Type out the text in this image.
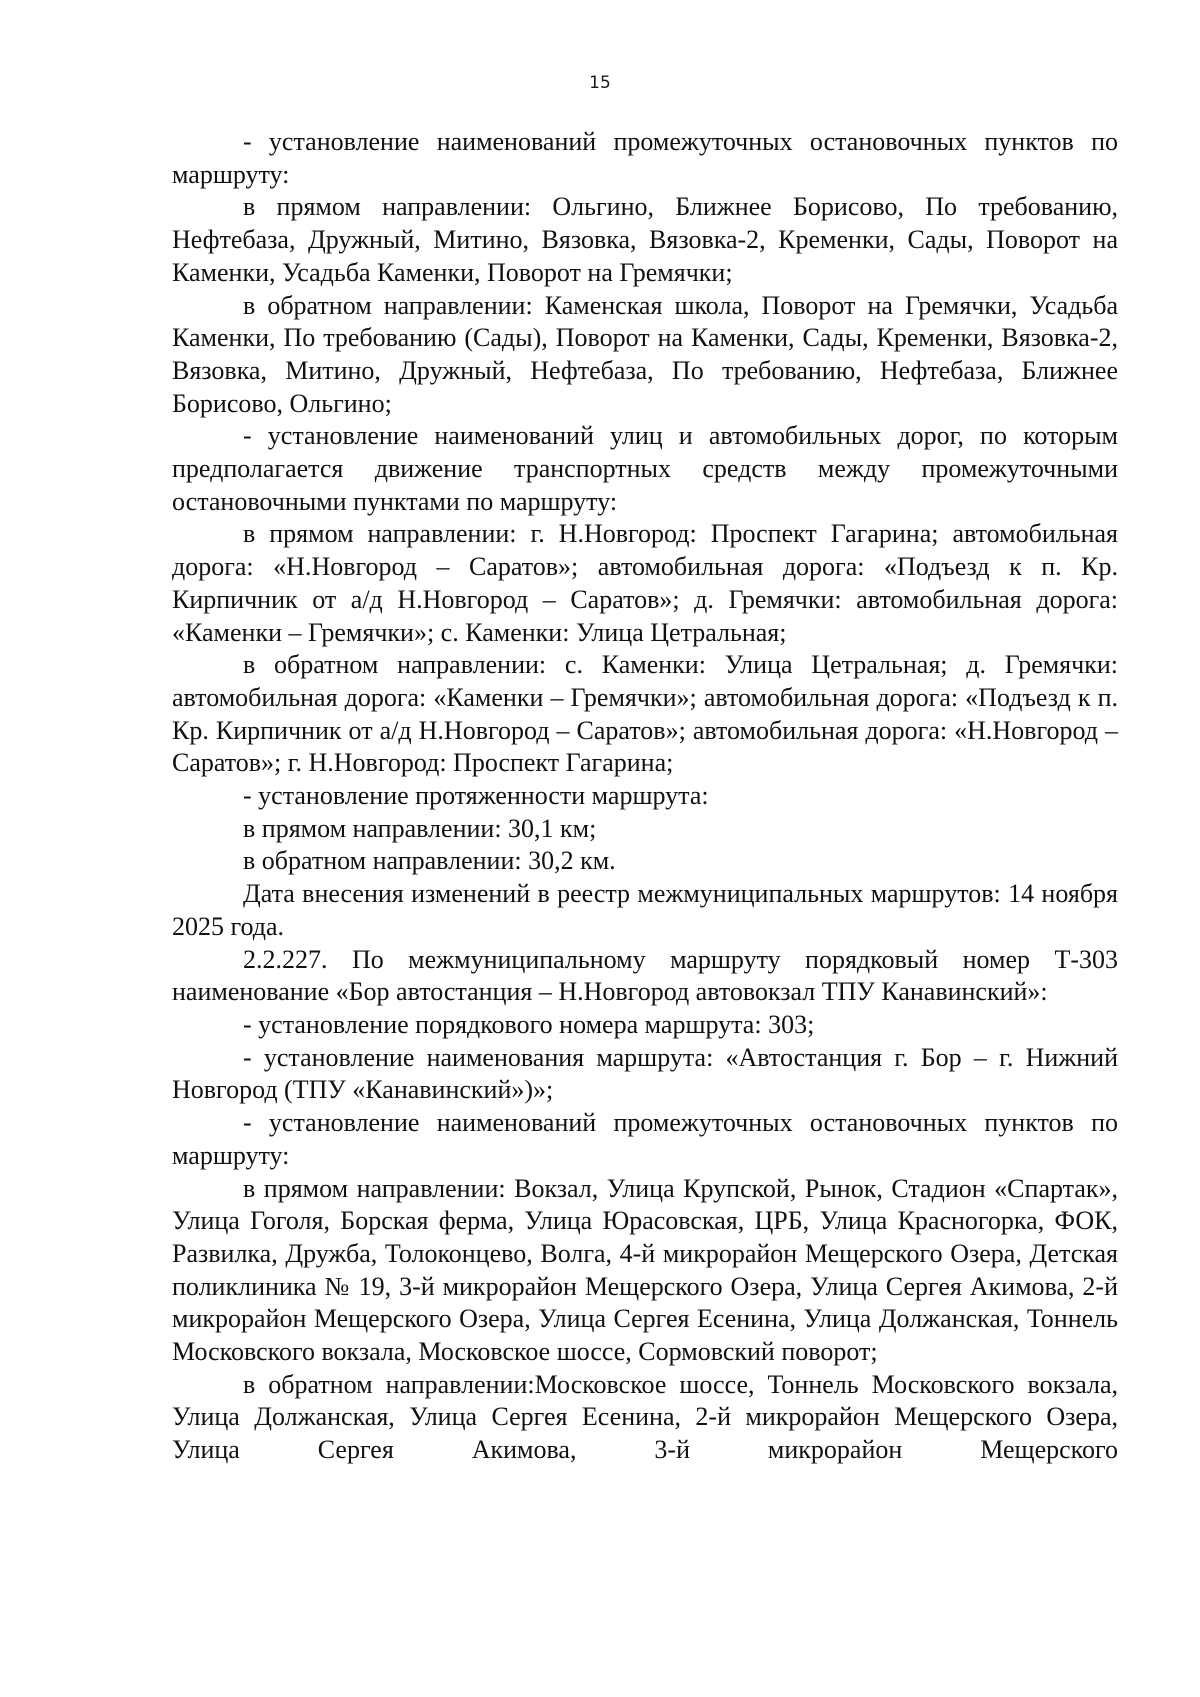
15

- установление наименований промежуточных остановочных пунктов по маршруту:

в прямом направлении: Ольгино, Ближнее Борисово, По требованию, Нефтебаза, Дружный, Митино, Вязовка, Вязовка-2, Кременки, Сады, Поворот на Каменки, Усадьба Каменки, Поворот на Гремячки;

в обратном направлении: Каменская школа, Поворот на Гремячки, Усадьба Каменки, По требованию (Сады), Поворот на Каменки, Сады, Кременки, Вязовка-2, Вязовка, Митино, Дружный, Нефтебаза, По требованию, Нефтебаза, Ближнее Борисово, Ольгино;

- установление наименований улиц и автомобильных дорог, по которым предполагается движение транспортных средств между промежуточными остановочными пунктами по маршруту:

в прямом направлении: г. Н.Новгород: Проспект Гагарина; автомобильная дорога: «Н.Новгород – Саратов»; автомобильная дорога: «Подъезд к п. Кр. Кирпичник от а/д Н.Новгород – Саратов»; д. Гремячки: автомобильная дорога: «Каменки – Гремячки»; с. Каменки: Улица Цетральная;

в обратном направлении: с. Каменки: Улица Цетральная; д. Гремячки: автомобильная дорога: «Каменки – Гремячки»; автомобильная дорога: «Подъезд к п. Кр. Кирпичник от а/д Н.Новгород – Саратов»; автомобильная дорога: «Н.Новгород – Саратов»; г. Н.Новгород: Проспект Гагарина;

- установление протяженности маршрута:

в прямом направлении: 30,1 км;

в обратном направлении: 30,2 км.

Дата внесения изменений в реестр межмуниципальных маршрутов: 14 ноября 2025 года.

2.2.227. По межмуниципальному маршруту порядковый номер Т-303 наименование «Бор автостанция – Н.Новгород автовокзал ТПУ Канавинский»:

- установление порядкового номера маршрута: 303;

- установление наименования маршрута: «Автостанция г. Бор – г. Нижний Новгород (ТПУ «Канавинский»)»;

- установление наименований промежуточных остановочных пунктов по маршруту:

в прямом направлении: Вокзал, Улица Крупской, Рынок, Стадион «Спартак», Улица Гоголя, Борская ферма, Улица Юрасовская, ЦРБ, Улица Красногорка, ФОК, Развилка, Дружба, Толоконцево, Волга, 4-й микрорайон Мещерского Озера, Детская поликлиника № 19, 3-й микрорайон Мещерского Озера, Улица Сергея Акимова, 2-й микрорайон Мещерского Озера, Улица Сергея Есенина, Улица Должанская, Тоннель Московского вокзала, Московское шоссе, Сормовский поворот;

в обратном направлении:Московское шоссе, Тоннель Московского вокзала, Улица Должанская, Улица Сергея Есенина, 2-й микрорайон Мещерского Озера, Улица Сергея Акимова, 3-й микрорайон Мещерского
